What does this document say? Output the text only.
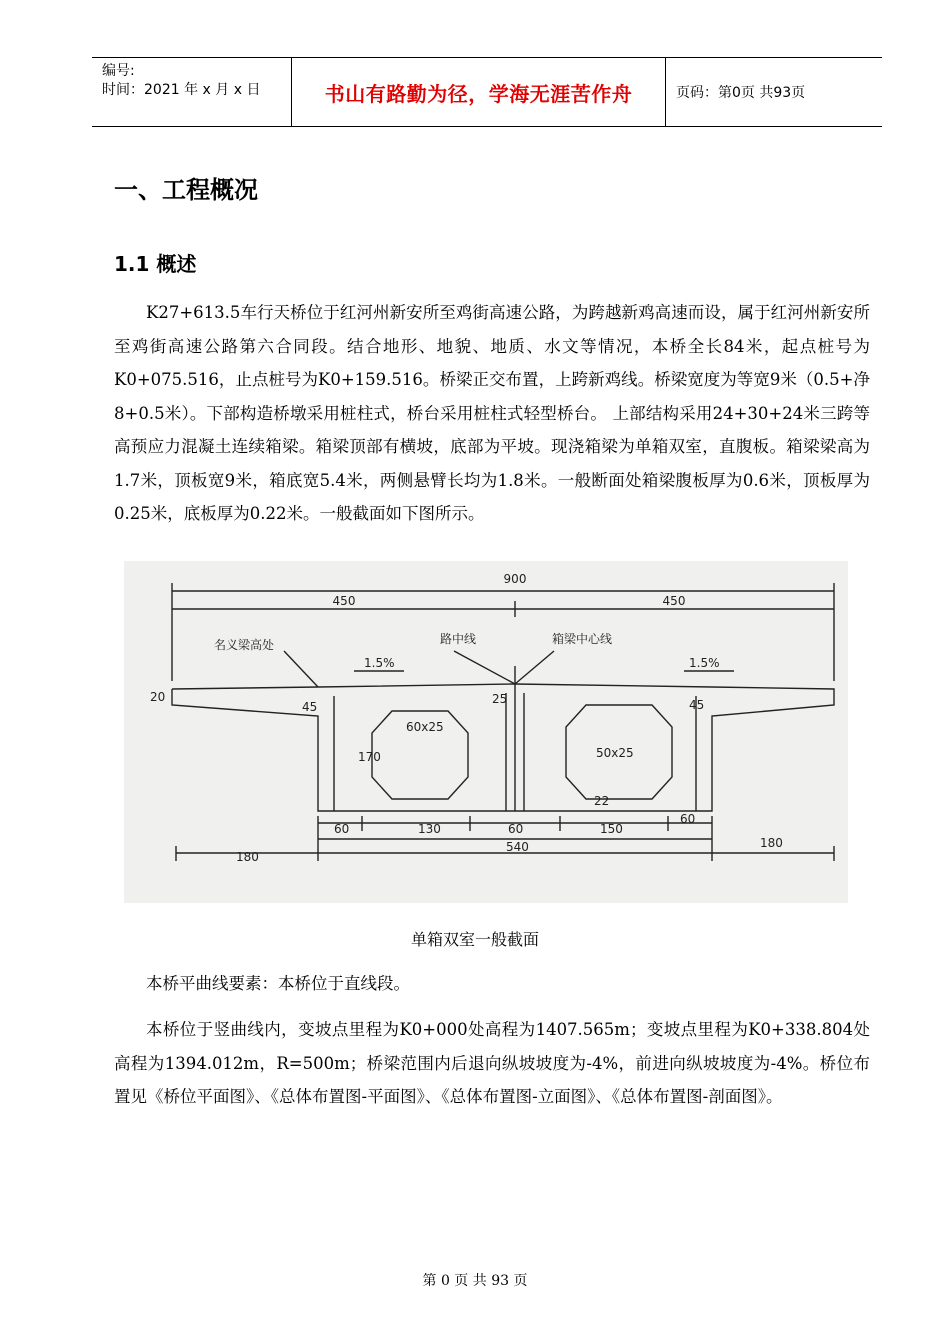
编号:
时间：2021 年 x 月 x 日	书山有路勤为径，学海无涯苦作舟	页码：第0页 共93页
一、工程概况
1.1 概述

K27+613.5车行天桥位于红河州新安所至鸡街高速公路，为跨越新鸡高速而设，属于红河州新安所至鸡街高速公路第六合同段。结合地形、地貌、地质、水文等情况，本桥全长84米，起点桩号为K0+075.516，止点桩号为K0+159.516。桥梁正交布置，上跨新鸡线。桥梁宽度为等宽9米（0.5+净8+0.5米）。下部构造桥墩采用桩柱式，桥台采用桩柱式轻型桥台。 上部结构采用24+30+24米三跨等高预应力混凝土连续箱梁。箱梁顶部有横坡，底部为平坡。现浇箱梁为单箱双室，直腹板。箱梁梁高为1.7米，顶板宽9米，箱底宽5.4米，两侧悬臂长均为1.8米。一般断面处箱梁腹板厚为0.6米，顶板厚为0.25米，底板厚为0.22米。一般截面如下图所示。

900
450	450
名义梁高处	路中线	箱梁中心线
1.5%	1.5%
20
45	45
25
170
60x25
50x25
22
60	130	60	150
60
540
180
180
单箱双室一般截面

本桥平曲线要素：本桥位于直线段。

本桥位于竖曲线内，变坡点里程为K0+000处高程为1407.565m；变坡点里程为K0+338.804处高程为1394.012m，R=500m；桥梁范围内后退向纵坡坡度为-4%，前进向纵坡坡度为-4%。桥位布置见《桥位平面图》、《总体布置图-平面图》、《总体布置图-立面图》、《总体布置图-剖面图》。

第 0 页 共 93 页
